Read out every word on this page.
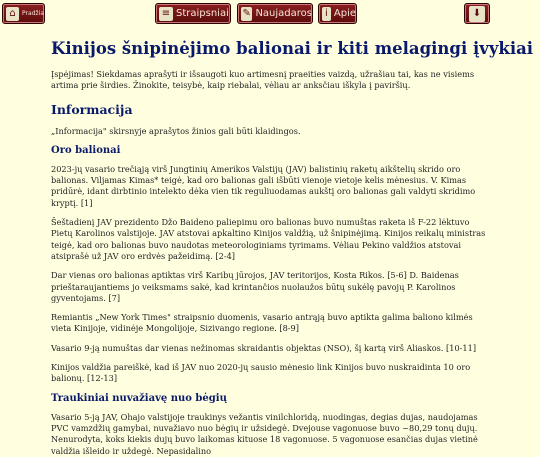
⌂	Pradžia	≡ Straipsniai ✎ Naujadaros	i Apie	⬇
Kinijos šnipinėjimo balionai ir kiti melagingi įvykiai

Įspėjimas! Siekdamas aprašyti ir išsaugoti kuo artimesnį praeities vaizdą, užrašiau tai, kas ne visiems artima prie širdies. Žinokite, teisybė, kaip riebalai, vėliau ar anksčiau iškyla į paviršių.

Informacija

„Informacija" skirsnyje aprašytos žinios gali būti klaidingos.

Oro balionai

2023-jų vasario trečiąją virš Jungtinių Amerikos Valstijų (JAV) balistinių raketų aikštelių skrido oro balionas. Viljamas Kimas* teigė, kad oro balionas gali išbūti vienoje vietoje kelis mėnesius. V. Kimas pridūrė, idant dirbtinio intelekto dėka vien tik reguliuodamas aukštį oro balionas gali valdyti skridimo kryptį. [1]

Šeštadienį JAV prezidento Džo Baideno paliepimu oro balionas buvo numuštas raketa iš F-22 lėktuvo Pietų Karolinos valstijoje. JAV atstovai apkaltino Kinijos valdžią, už šnipinėjimą. Kinijos reikalų ministras teigė, kad oro balionas buvo naudotas meteorologiniams tyrimams. Vėliau Pekino valdžios atstovai atsiprašė už JAV oro erdvės pažeidimą. [2-4]

Dar vienas oro balionas aptiktas virš Karibų jūrojos, JAV teritorijos, Kosta Rikos. [5-6] D. Baidenas prieštaraujantiems jo veiksmams sakė, kad krintančios nuolaužos būtų sukėlę pavojų P. Karolinos gyventojams. [7]

Remiantis „New York Times" straipsnio duomenis, vasario antrąją buvo aptikta galima baliono kilmės vieta Kinijoje, vidinėje Mongolijoje, Sizivango regione. [8-9]

Vasario 9-ją numuštas dar vienas nežinomas skraidantis objektas (NSO), šį kartą virš Aliaskos. [10-11]

Kinijos valdžia pareiškė, kad iš JAV nuo 2020-jų sausio mėnesio link Kinijos buvo nuskraidinta 10 oro balionų. [12-13]

Traukiniai nuvažiavę nuo bėgių

Vasario 5-ją JAV, Ohajo valstijoje traukinys vežantis vinilchloridą, nuodingas, degias dujas, naudojamas PVC vamzdžių gamybai, nuvažiavo nuo bėgių ir užsidegė. Dvejouse vagonuose buvo ~80,29 tonų dujų. Nenurodyta, koks kiekis dujų buvo laikomas kituose 18 vagonuose. 5 vagonuose esančias dujas vietinė valdžia išleido ir uždegė. Nepasidalino
